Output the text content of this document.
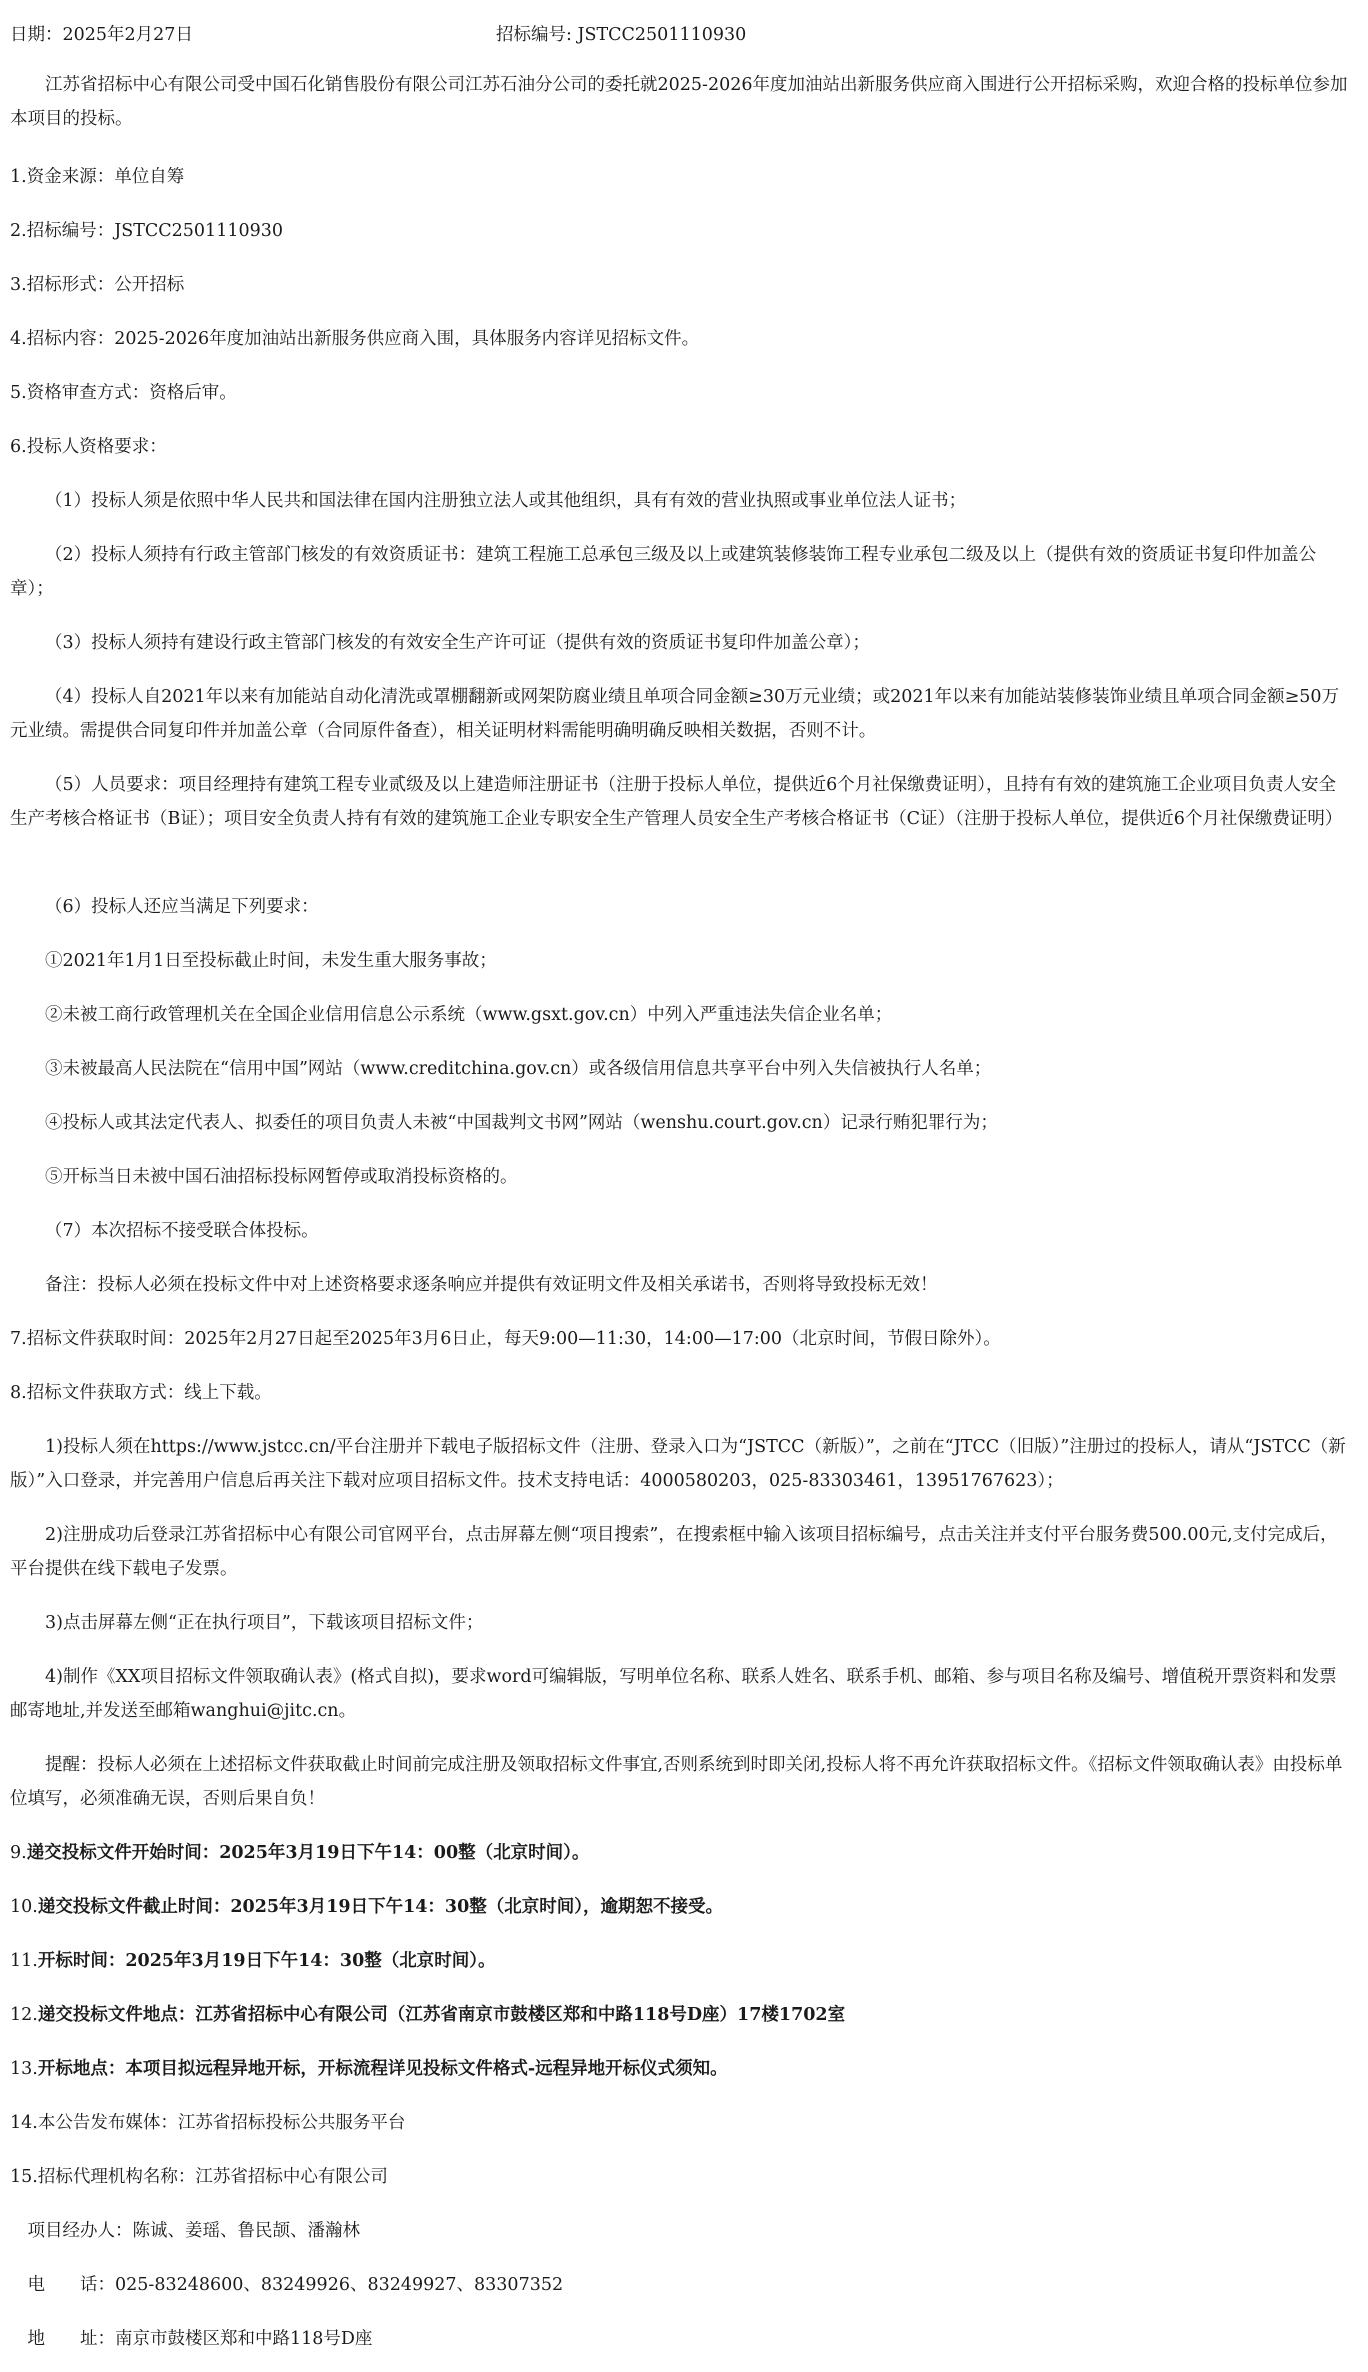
日期：2025年2月27日	招标编号: JSTCC2501110930

江苏省招标中心有限公司受中国石化销售股份有限公司江苏石油分公司的委托就2025-2026年度加油站出新服务供应商入围进行公开招标采购，欢迎合格的投标单位参加本项目的投标。

1.资金来源：单位自筹

2.招标编号：JSTCC2501110930

3.招标形式：公开招标

4.招标内容：2025-2026年度加油站出新服务供应商入围，具体服务内容详见招标文件。

5.资格审查方式：资格后审。

6.投标人资格要求：

（1）投标人须是依照中华人民共和国法律在国内注册独立法人或其他组织，具有有效的营业执照或事业单位法人证书；

（2）投标人须持有行政主管部门核发的有效资质证书：建筑工程施工总承包三级及以上或建筑装修装饰工程专业承包二级及以上（提供有效的资质证书复印件加盖公章）；

（3）投标人须持有建设行政主管部门核发的有效安全生产许可证（提供有效的资质证书复印件加盖公章）；

（4）投标人自2021年以来有加能站自动化清洗或罩棚翻新或网架防腐业绩且单项合同金额≥30万元业绩；或2021年以来有加能站装修装饰业绩且单项合同金额≥50万元业绩。需提供合同复印件并加盖公章（合同原件备查），相关证明材料需能明确明确反映相关数据，否则不计。

（5）人员要求：项目经理持有建筑工程专业贰级及以上建造师注册证书（注册于投标人单位，提供近6个月社保缴费证明），且持有有效的建筑施工企业项目负责人安全生产考核合格证书（B证）；项目安全负责人持有有效的建筑施工企业专职安全生产管理人员安全生产考核合格证书（C证）（注册于投标人单位，提供近6个月社保缴费证明）

（6）投标人还应当满足下列要求：

①2021年1月1日至投标截止时间，未发生重大服务事故；

②未被工商行政管理机关在全国企业信用信息公示系统（www.gsxt.gov.cn）中列入严重违法失信企业名单；

③未被最高人民法院在“信用中国”网站（www.creditchina.gov.cn）或各级信用信息共享平台中列入失信被执行人名单；

④投标人或其法定代表人、拟委任的项目负责人未被“中国裁判文书网”网站（wenshu.court.gov.cn）记录行贿犯罪行为；

⑤开标当日未被中国石油招标投标网暂停或取消投标资格的。

（7）本次招标不接受联合体投标。

备注：投标人必须在投标文件中对上述资格要求逐条响应并提供有效证明文件及相关承诺书，否则将导致投标无效！

7.招标文件获取时间：2025年2月27日起至2025年3月6日止，每天9:00—11:30，14:00—17:00（北京时间，节假日除外）。

8.招标文件获取方式：线上下载。

1)投标人须在https://www.jstcc.cn/平台注册并下载电子版招标文件（注册、登录入口为“JSTCC（新版）”，之前在“JTCC（旧版）”注册过的投标人，请从“JSTCC（新版）”入口登录，并完善用户信息后再关注下载对应项目招标文件。技术支持电话：4000580203，025-83303461，13951767623）；

2)注册成功后登录江苏省招标中心有限公司官网平台，点击屏幕左侧“项目搜索”，在搜索框中输入该项目招标编号，点击关注并支付平台服务费500.00元,支付完成后，平台提供在线下载电子发票。

3)点击屏幕左侧“正在执行项目”，下载该项目招标文件；

4)制作《XX项目招标文件领取确认表》(格式自拟)，要求word可编辑版，写明单位名称、联系人姓名、联系手机、邮箱、参与项目名称及编号、增值税开票资料和发票邮寄地址,并发送至邮箱wanghui@jitc.cn。

提醒：投标人必须在上述招标文件获取截止时间前完成注册及领取招标文件事宜,否则系统到时即关闭,投标人将不再允许获取招标文件。《招标文件领取确认表》由投标单位填写，必须准确无误，否则后果自负！

9.递交投标文件开始时间：2025年3月19日下午14：00整（北京时间）。

10.递交投标文件截止时间：2025年3月19日下午14：30整（北京时间），逾期恕不接受。

11.开标时间：2025年3月19日下午14：30整（北京时间）。

12.递交投标文件地点：江苏省招标中心有限公司（江苏省南京市鼓楼区郑和中路118号D座）17楼1702室

13.开标地点：本项目拟远程异地开标，开标流程详见投标文件格式-远程异地开标仪式须知。

14.本公告发布媒体：江苏省招标投标公共服务平台

15.招标代理机构名称：江苏省招标中心有限公司

项目经办人：陈诚、姜瑶、鲁民颉、潘瀚林

电　　话：025-83248600、83249926、83249927、83307352

地　　址：南京市鼓楼区郑和中路118号D座
